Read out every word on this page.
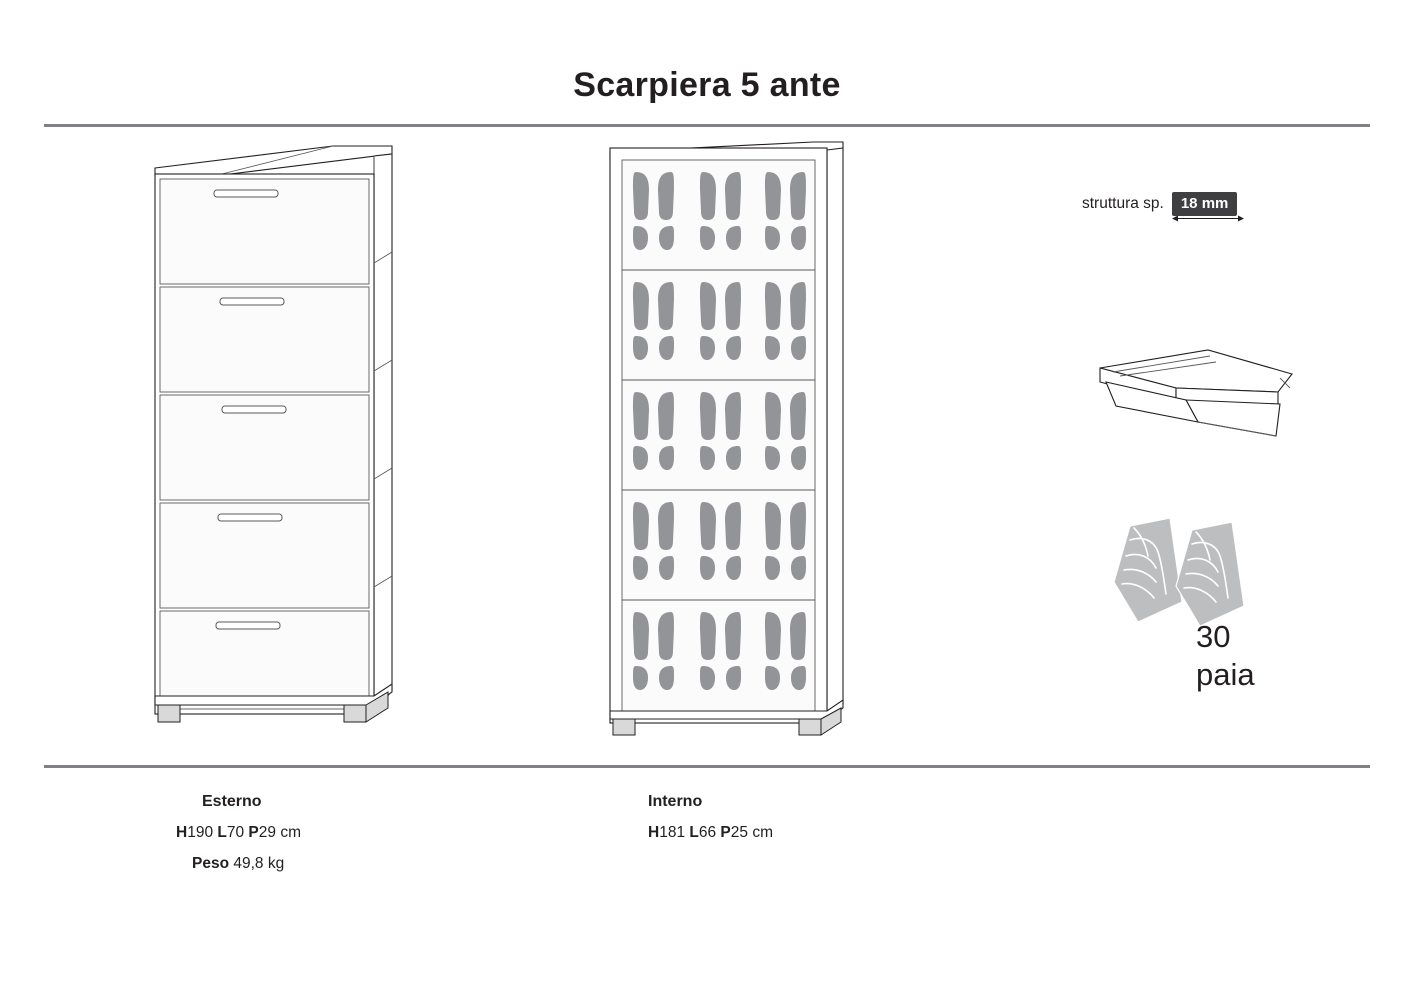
Scarpiera 5 ante
struttura sp.	18 mm
30
paia
Esterno
H190 L70 P29 cm
Peso 49,8 kg
Interno
H181 L66 P25 cm
